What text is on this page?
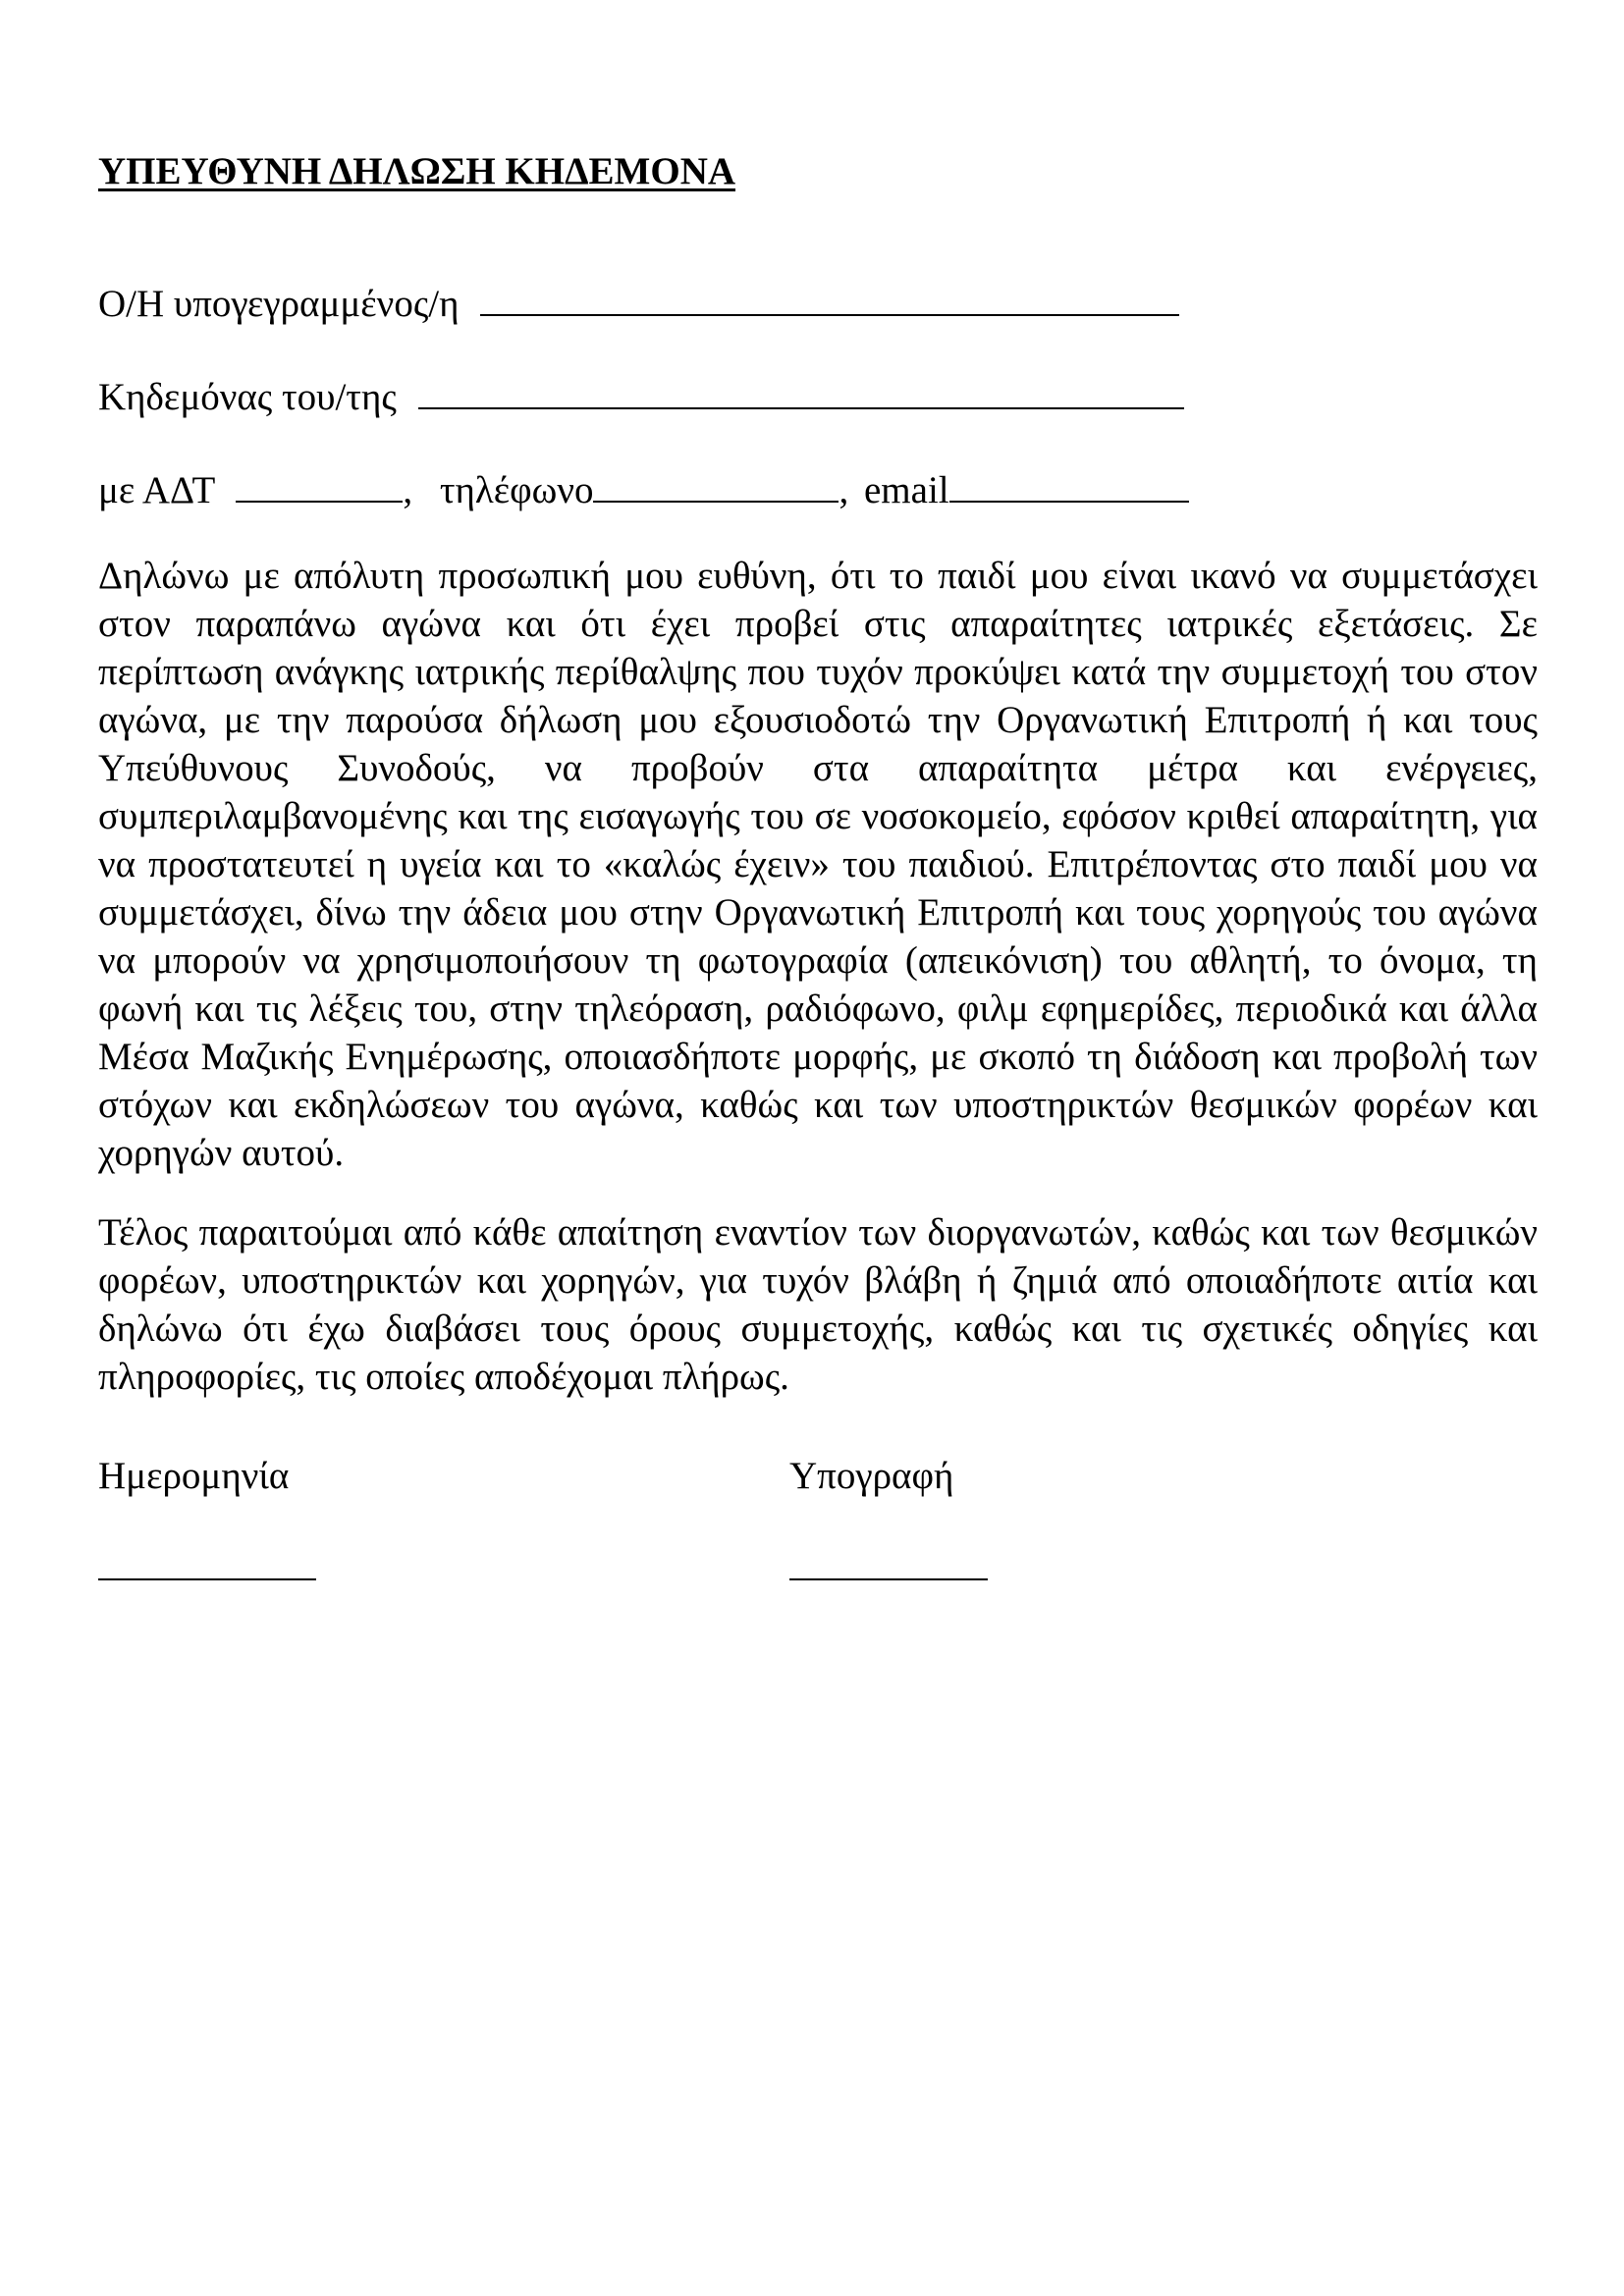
ΥΠΕΥΘΥΝΗ ΔΗΛΩΣΗ ΚΗΔΕΜΟΝΑ
Ο/Η υπογεγραμμένος/η
Κηδεμόνας του/της
με ΑΔΤ	, τηλέφωνο	, email

Δηλώνω με απόλυτη προσωπική μου ευθύνη, ότι το παιδί μου είναι ικανό να συμμετάσχει στον παραπάνω αγώνα και ότι έχει προβεί στις απαραίτητες ιατρικές εξετάσεις. Σε περίπτωση ανάγκης ιατρικής περίθαλψης που τυχόν προκύψει κατά την συμμετοχή του στον αγώνα, με την παρούσα δήλωση μου εξουσιοδοτώ την Οργανωτική Επιτροπή ή και τους Υπεύθυνους Συνοδούς, να προβούν στα απαραίτητα μέτρα και ενέργειες, συμπεριλαμβανομένης και της εισαγωγής του σε νοσοκομείο, εφόσον κριθεί απαραίτητη, για να προστατευτεί η υγεία και το «καλώς έχειν» του παιδιού. Επιτρέποντας στο παιδί μου να συμμετάσχει, δίνω την άδεια μου στην Οργανωτική Επιτροπή και τους χορηγούς του αγώνα να μπορούν να χρησιμοποιήσουν τη φωτογραφία (απεικόνιση) του αθλητή, το όνομα, τη φωνή και τις λέξεις του, στην τηλεόραση, ραδιόφωνο, φιλμ εφημερίδες, περιοδικά και άλλα Μέσα Μαζικής Ενημέρωσης, οποιασδήποτε μορφής, με σκοπό τη διάδοση και προβολή των στόχων και εκδηλώσεων του αγώνα, καθώς και των υποστηρικτών θεσμικών φορέων και χορηγών αυτού.

Τέλος παραιτούμαι από κάθε απαίτηση εναντίον των διοργανωτών, καθώς και των θεσμικών φορέων, υποστηρικτών και χορηγών, για τυχόν βλάβη ή ζημιά από οποιαδήποτε αιτία και δηλώνω ότι έχω διαβάσει τους όρους συμμετοχής, καθώς και τις σχετικές οδηγίες και πληροφορίες, τις οποίες αποδέχομαι πλήρως.

Ημερομηνία	Υπογραφή
